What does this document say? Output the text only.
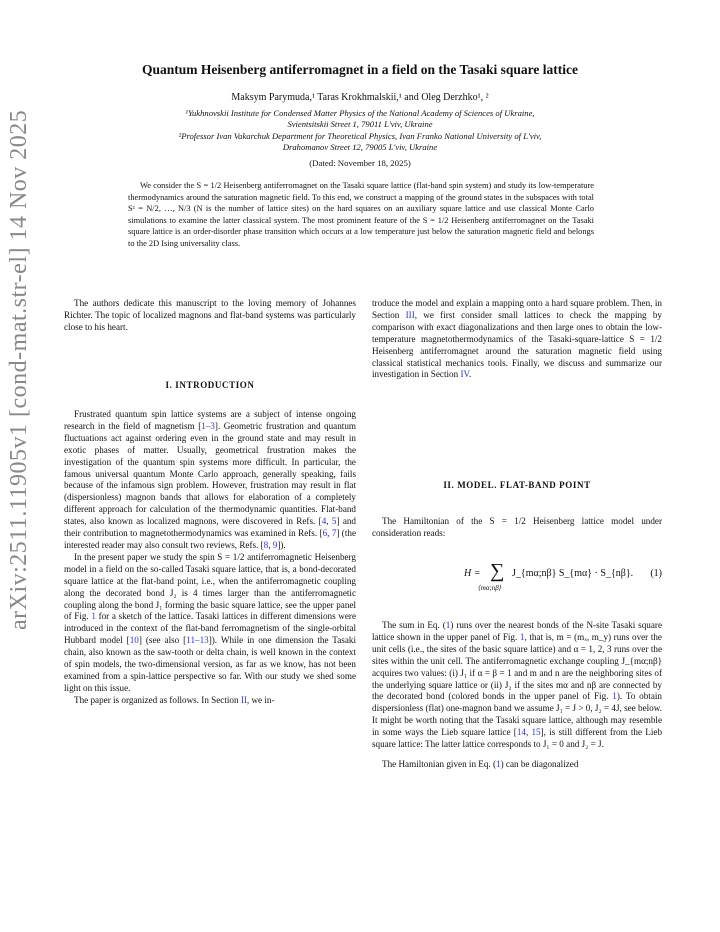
Quantum Heisenberg antiferromagnet in a field on the Tasaki square lattice
Maksym Parymuda,¹ Taras Krokhmalskii,¹ and Oleg Derzhko¹, ²
¹Yukhnovskii Institute for Condensed Matter Physics of the National Academy of Sciences of Ukraine,
Svientsitskii Street 1, 79011 L'viv, Ukraine
²Professor Ivan Vakarchuk Department for Theoretical Physics, Ivan Franko National University of L'viv,
Drahomanov Street 12, 79005 L'viv, Ukraine
(Dated: November 18, 2025)
We consider the S = 1/2 Heisenberg antiferromagnet on the Tasaki square lattice (flat-band spin system) and study its low-temperature thermodynamics around the saturation magnetic field. To this end, we construct a mapping of the ground states in the subspaces with total Sᶻ = N/2, …, N/3 (N is the number of lattice sites) on the hard squares on an auxiliary square lattice and use classical Monte Carlo simulations to examine the latter classical system. The most prominent feature of the S = 1/2 Heisenberg antiferromagnet on the Tasaki square lattice is an order-disorder phase transition which occurs at a low temperature just below the saturation magnetic field and belongs to the 2D Ising universality class.
arXiv:2511.11905v1 [cond-mat.str-el] 14 Nov 2025	The authors dedicate this manuscript to the loving memory of Johannes Richter. The topic of localized magnons and flat-band systems was particularly close to his heart.

I. INTRODUCTION

Frustrated quantum spin lattice systems are a subject of intense ongoing research in the field of magnetism [1–3]. Geometric frustration and quantum fluctuations act against ordering even in the ground state and may result in exotic phases of matter. Usually, geometrical frustration makes the investigation of the quantum spin systems more difficult. In particular, the famous universal quantum Monte Carlo approach, generally speaking, fails because of the infamous sign problem. However, frustration may result in flat (dispersionless) magnon bands that allows for elaboration of a completely different approach for calculation of the thermodynamic quantities. Flat-band states, also known as localized magnons, were discovered in Refs. [4, 5] and their contribution to magnetothermodynamics was examined in Refs. [6, 7] (the interested reader may also consult two reviews, Refs. [8, 9]).

In the present paper we study the spin S = 1/2 antiferromagnetic Heisenberg model in a field on the so-called Tasaki square lattice, that is, a bond-decorated square lattice at the flat-band point, i.e., when the antiferromagnetic coupling along the decorated bond J₂ is 4 times larger than the antiferromagnetic coupling along the bond J₁ forming the basic square lattice, see the upper panel of Fig. 1 for a sketch of the lattice. Tasaki lattices in different dimensions were introduced in the context of the flat-band ferromagnetism of the single-orbital Hubbard model [10] (see also [11–13]). While in one dimension the Tasaki chain, also known as the saw-tooth or delta chain, is well known in the context of spin models, the two-dimensional version, as far as we know, has not been examined from a spin-lattice perspective so far. With our study we shed some light on this issue.

The paper is organized as follows. In Section II, we in-

troduce the model and explain a mapping onto a hard square problem. Then, in Section III, we first consider small lattices to check the mapping by comparison with exact diagonalizations and then large ones to obtain the low-temperature magnetothermodynamics of the Tasaki-square-lattice S = 1/2 Heisenberg antiferromagnet around the saturation magnetic field using classical statistical mechanics tools. Finally, we discuss and summarize our investigation in Section IV.

II. MODEL. FLAT-BAND POINT

The Hamiltonian of the S = 1/2 Heisenberg lattice model under consideration reads:

H = ∑
⟨mα;nβ⟩
J_{mα;nβ} S_{mα} · S_{nβ}. (1)

The sum in Eq. (1) runs over the nearest bonds of the N-site Tasaki square lattice shown in the upper panel of Fig. 1, that is, m = (mₓ, m_y) runs over the unit cells (i.e., the sites of the basic square lattice) and α = 1, 2, 3 runs over the sites within the unit cell. The antiferromagnetic exchange coupling J_{mα;nβ} acquires two values: (i) J₁ if α = β = 1 and m and n are the neighboring sites of the underlying square lattice or (ii) J₂ if the sites mα and nβ are connected by the decorated bond (colored bonds in the upper panel of Fig. 1). To obtain dispersionless (flat) one-magnon band we assume J₁ = J > 0, J₂ = 4J, see below. It might be worth noting that the Tasaki square lattice, although may resemble in some ways the Lieb square lattice [14, 15], is still different from the Lieb square lattice: The latter lattice corresponds to J₁ = 0 and J₂ = J.

The Hamiltonian given in Eq. (1) can be diagonalized
